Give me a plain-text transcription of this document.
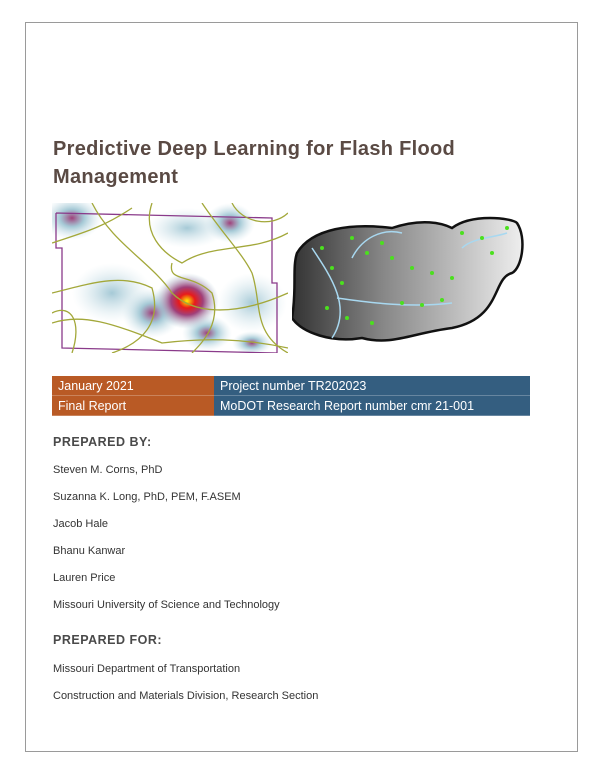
Predictive Deep Learning for Flash Flood Management
January 2021	Project number TR202023
Final Report	MoDOT Research Report number cmr 21-001
PREPARED BY:
Steven M. Corns, PhD
Suzanna K. Long, PhD, PEM, F.ASEM
Jacob Hale
Bhanu Kanwar
Lauren Price
Missouri University of Science and Technology
PREPARED FOR:
Missouri Department of Transportation
Construction and Materials Division, Research Section
